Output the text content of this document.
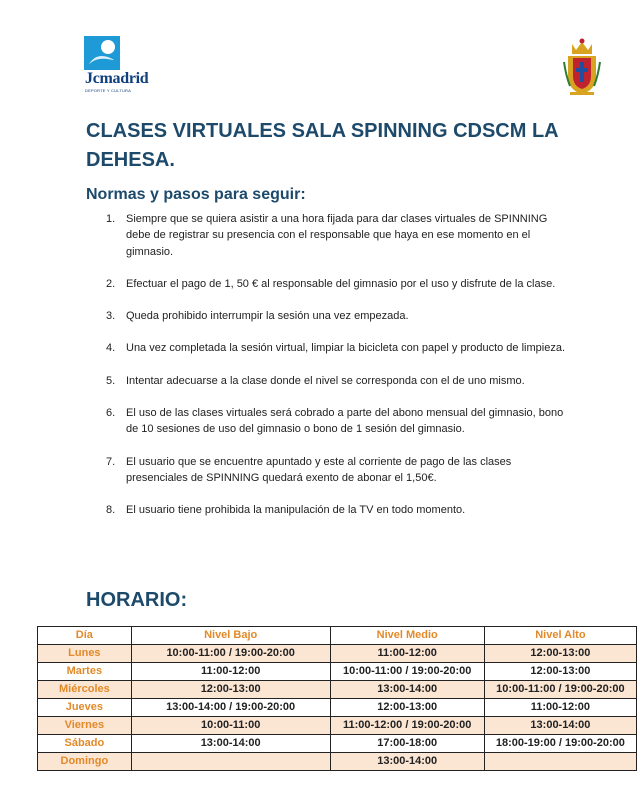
Jcmadrid
DEPORTE Y CULTURA
CLASES VIRTUALES SALA SPINNING CDSCM LA DEHESA.
Normas y pasos para seguir:
1. Siempre que se quiera asistir a una hora fijada para dar clases virtuales de SPINNING debe de registrar su presencia con el responsable que haya en ese momento en el gimnasio.
2. Efectuar el pago de 1, 50 € al responsable del gimnasio por el uso y disfrute de la clase.
3. Queda prohibido interrumpir la sesión una vez empezada.
4. Una vez completada la sesión virtual, limpiar la bicicleta con papel y producto de limpieza.
5. Intentar adecuarse a la clase donde el nivel se corresponda con el de uno mismo.
6. El uso de las clases virtuales será cobrado a parte del abono mensual del gimnasio, bono de 10 sesiones de uso del gimnasio o bono de 1 sesión del gimnasio.
7. El usuario que se encuentre apuntado y este al corriente de pago de las clases presenciales de SPINNING quedará exento de abonar el 1,50€.
8. El usuario tiene prohibida la manipulación de la TV en todo momento.
HORARIO:
Día	Nivel Bajo	Nivel Medio	Nivel Alto
Lunes	10:00-11:00 / 19:00-20:00	11:00-12:00	12:00-13:00
Martes	11:00-12:00	10:00-11:00 / 19:00-20:00	12:00-13:00
Miércoles	12:00-13:00	13:00-14:00	10:00-11:00 / 19:00-20:00
Jueves	13:00-14:00 / 19:00-20:00	12:00-13:00	11:00-12:00
Viernes	10:00-11:00	11:00-12:00 / 19:00-20:00	13:00-14:00
Sábado	13:00-14:00	17:00-18:00	18:00-19:00 / 19:00-20:00
Domingo		13:00-14:00	
